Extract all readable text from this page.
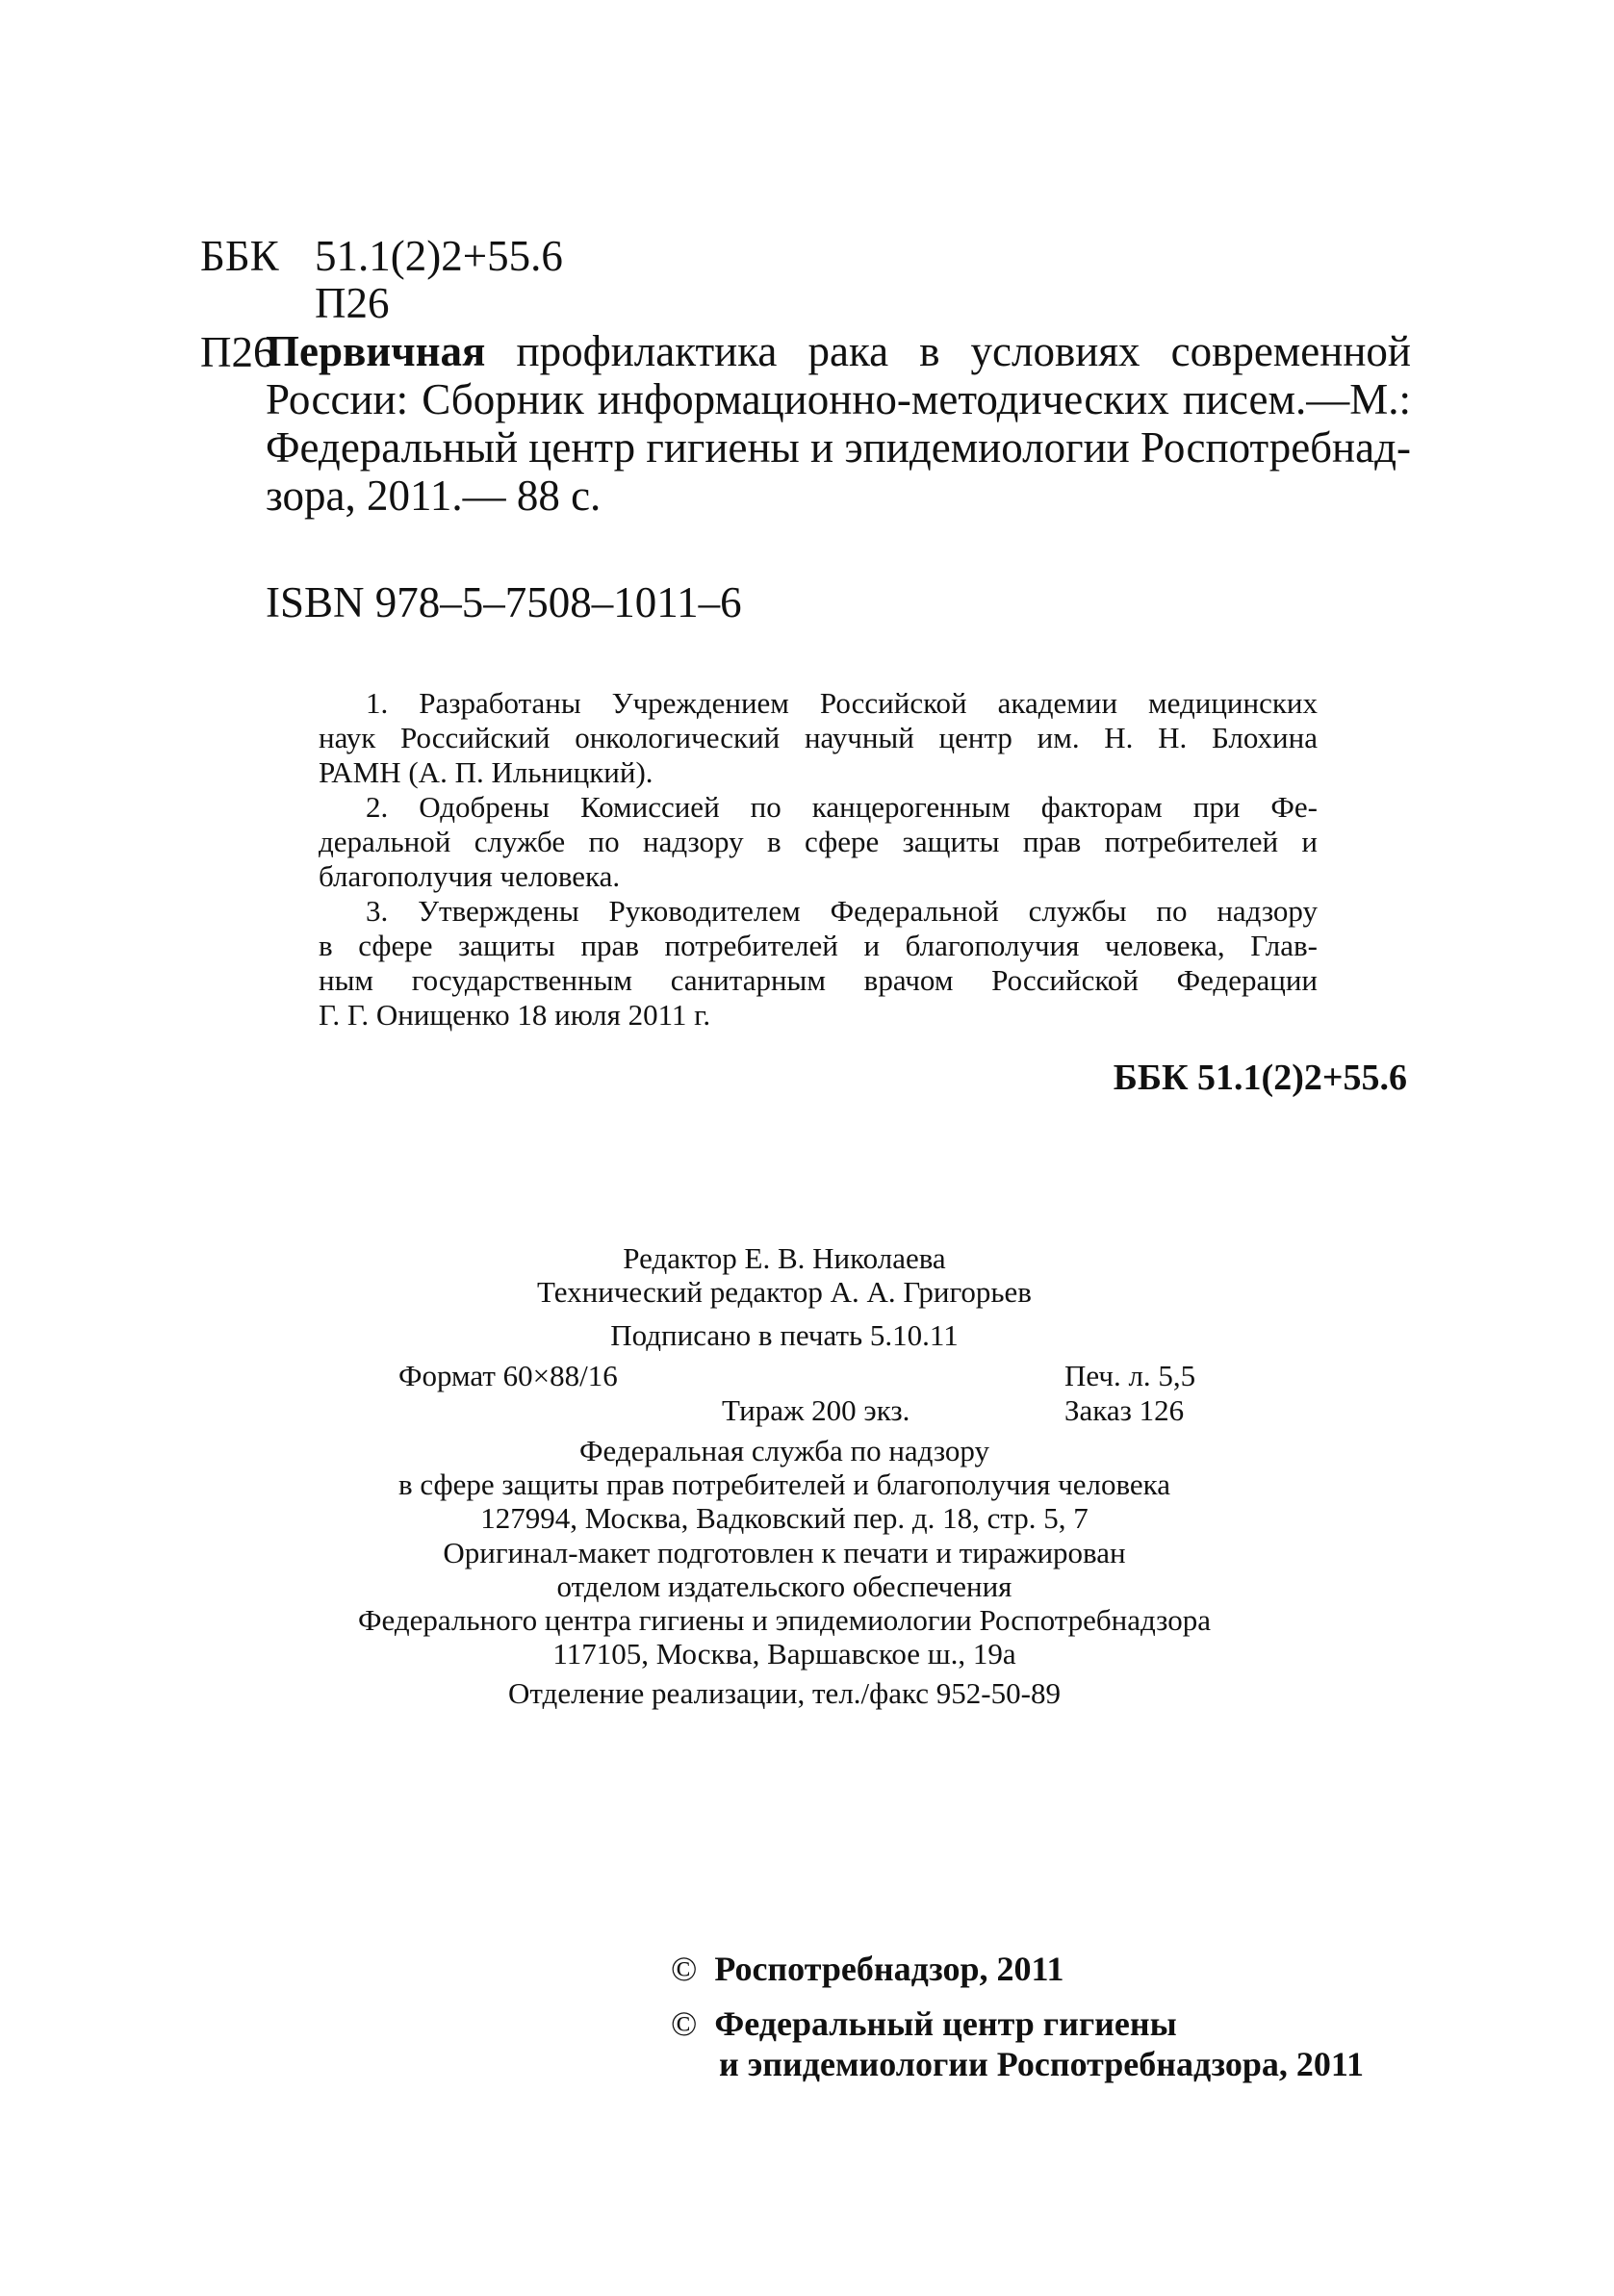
ББК 51.1(2)2+55.6
П26
П26
Первичная профилактика рака в условиях современной
России: Сборник информационно-методических писем.—М.:
Федеральный центр гигиены и эпидемиологии Роспотребнад-
зора, 2011.— 88 с.
ISBN 978–5–7508–1011–6
1. Разработаны Учреждением Российской академии медицинских
наук Российский онкологический научный центр им. Н. Н. Блохина
РАМН (А. П. Ильницкий).
2. Одобрены Комиссией по канцерогенным факторам при Фе-
деральной службе по надзору в сфере защиты прав потребителей и
благополучия человека.
3. Утверждены Руководителем Федеральной службы по надзору
в сфере защиты прав потребителей и благополучия человека, Глав-
ным государственным санитарным врачом Российской Федерации
Г. Г. Онищенко 18 июля 2011 г.
ББК 51.1(2)2+55.6
Редактор Е. В. Николаева
Технический редактор А. А. Григорьев
Подписано в печать 5.10.11
Формат 60×88/16	Печ. л. 5,5
Тираж 200 экз.	Заказ 126
Федеральная служба по надзору
в сфере защиты прав потребителей и благополучия человека
127994, Москва, Вадковский пер. д. 18, стр. 5, 7
Оригинал-макет подготовлен к печати и тиражирован
отделом издательского обеспечения
Федерального центра гигиены и эпидемиологии Роспотребнадзора
117105, Москва, Варшавское ш., 19а
Отделение реализации, тел./факс 952-50-89
© Роспотребнадзор, 2011
© Федеральный центр гигиены
и эпидемиологии Роспотребнадзора, 2011
